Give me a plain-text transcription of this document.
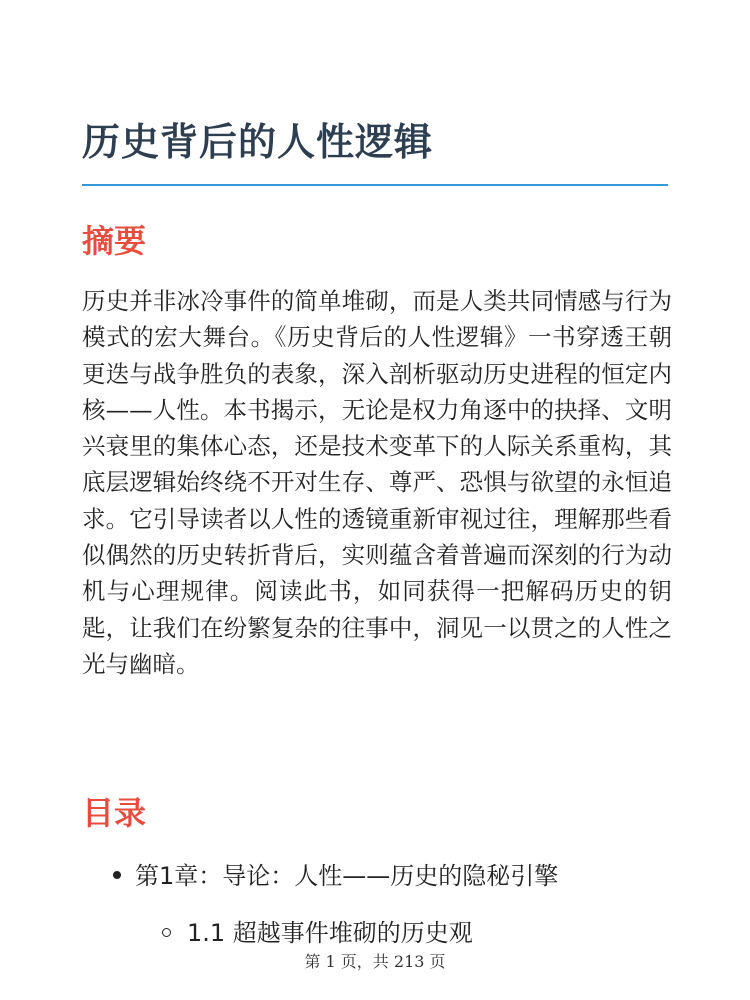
历史背后的人性逻辑
摘要

历史并非冰冷事件的简单堆砌，而是人类共同情感与行为模式的宏大舞台。《历史背后的人性逻辑》一书穿透王朝更迭与战争胜负的表象，深入剖析驱动历史进程的恒定内核——人性。本书揭示，无论是权力角逐中的抉择、文明兴衰里的集体心态，还是技术变革下的人际关系重构，其底层逻辑始终绕不开对生存、尊严、恐惧与欲望的永恒追求。它引导读者以人性的透镜重新审视过往，理解那些看似偶然的历史转折背后，实则蕴含着普遍而深刻的行为动机与心理规律。阅读此书，如同获得一把解码历史的钥匙，让我们在纷繁复杂的往事中，洞见一以贯之的人性之光与幽暗。

目录
第1章：导论：人性——历史的隐秘引擎
1.1 超越事件堆砌的历史观
第 1 页，共 213 页
